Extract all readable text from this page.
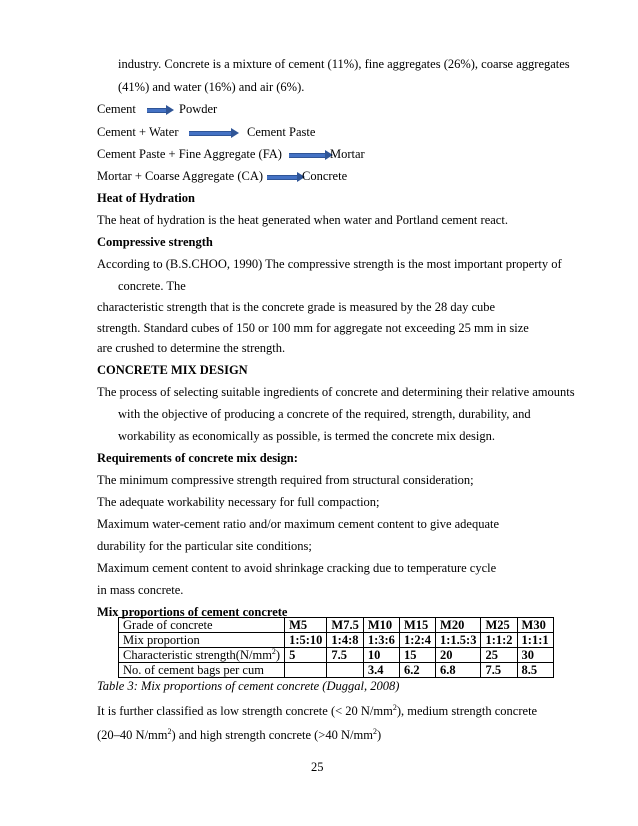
industry. Concrete is a mixture of cement (11%), fine aggregates (26%), coarse aggregates
(41%) and water (16%) and air (6%).
Cement	Powder
Cement + Water	Cement Paste
Cement Paste + Fine Aggregate (FA)	Mortar
Mortar + Coarse Aggregate (CA)	Concrete
Heat of Hydration
The heat of hydration is the heat generated when water and Portland cement react.
Compressive strength
According to (B.S.CHOO, 1990) The compressive strength is the most important property of
concrete. The
characteristic strength that is the concrete grade is measured by the 28 day cube
strength. Standard cubes of 150 or 100 mm for aggregate not exceeding 25 mm in size
are crushed to determine the strength.
CONCRETE MIX DESIGN
The process of selecting suitable ingredients of concrete and determining their relative amounts
with the objective of producing a concrete of the required, strength, durability, and
workability as economically as possible, is termed the concrete mix design.
Requirements of concrete mix design:
The minimum compressive strength required from structural consideration;
The adequate workability necessary for full compaction;
Maximum water-cement ratio and/or maximum cement content to give adequate
durability for the particular site conditions;
Maximum cement content to avoid shrinkage cracking due to temperature cycle
in mass concrete.
Mix proportions of cement concrete
Grade of concrete	M5	M7.5	M10	M15	M20	M25	M30
Mix proportion	1:5:10	1:4:8	1:3:6	1:2:4	1:1.5:3	1:1:2	1:1:1
Characteristic $strength(N/mm^2)$	5	7.5	10	15	20	25	30
No. of cement bags per cum			3.4	6.2	6.8	7.5	8.5
Table 3: Mix proportions of cement concrete (Duggal, 2008)
It is further classified as low strength concrete (< 20 $N/mm^2$), medium strength concrete
(20–40 $N/mm^2$) and high strength concrete (>40 $N/mm^2$)
25
